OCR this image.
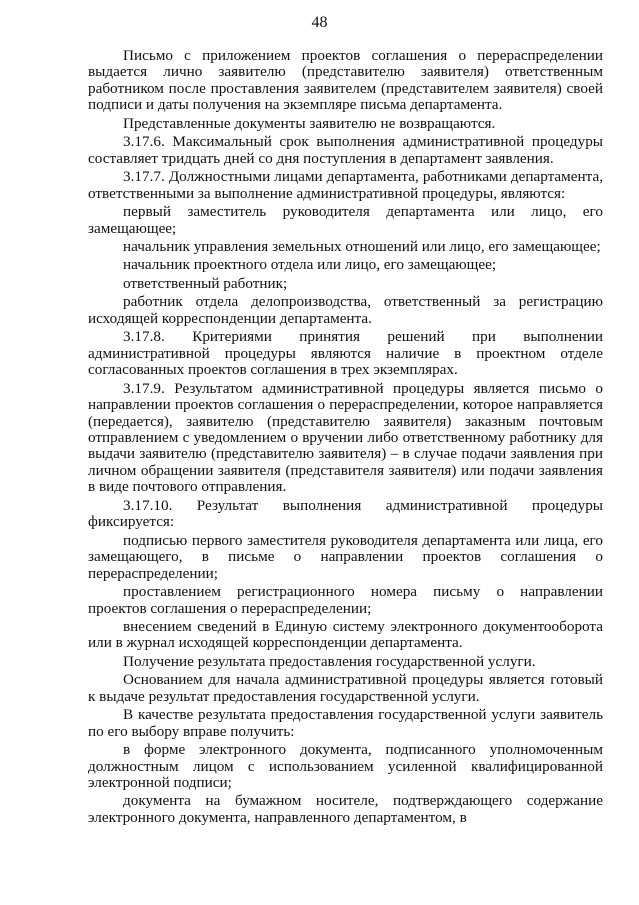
48

Письмо с приложением проектов соглашения о перераспределении выдается лично заявителю (представителю заявителя) ответственным работником после проставления заявителем (представителем заявителя) своей подписи и даты получения на экземпляре письма департамента.

Представленные документы заявителю не возвращаются.

3.17.6. Максимальный срок выполнения административной процедуры составляет тридцать дней со дня поступления в департамент заявления.

3.17.7. Должностными лицами департамента, работниками департамента, ответственными за выполнение административной процедуры, являются:

первый заместитель руководителя департамента или лицо, его замещающее;

начальник управления земельных отношений или лицо, его замещающее;

начальник проектного отдела или лицо, его замещающее;

ответственный работник;

работник отдела делопроизводства, ответственный за регистрацию исходящей корреспонденции департамента.

3.17.8. Критериями принятия решений при выполнении административной процедуры являются наличие в проектном отделе согласованных проектов соглашения в трех экземплярах.

3.17.9. Результатом административной процедуры является письмо о направлении проектов соглашения о перераспределении, которое направляется (передается), заявителю (представителю заявителя) заказным почтовым отправлением с уведомлением о вручении либо ответственному работнику для выдачи заявителю (представителю заявителя) – в случае подачи заявления при личном обращении заявителя (представителя заявителя) или подачи заявления в виде почтового отправления.

3.17.10. Результат выполнения административной процедуры фиксируется:

подписью первого заместителя руководителя департамента или лица, его замещающего, в письме о направлении проектов соглашения о перераспределении;

проставлением регистрационного номера письму о направлении проектов соглашения о перераспределении;

внесением сведений в Единую систему электронного документооборота или в журнал исходящей корреспонденции департамента.

Получение результата предоставления государственной услуги.

Основанием для начала административной процедуры является готовый к выдаче результат предоставления государственной услуги.

В качестве результата предоставления государственной услуги заявитель по его выбору вправе получить:

в форме электронного документа, подписанного уполномоченным должностным лицом с использованием усиленной квалифицированной электронной подписи;

документа на бумажном носителе, подтверждающего содержание электронного документа, направленного департаментом, в
